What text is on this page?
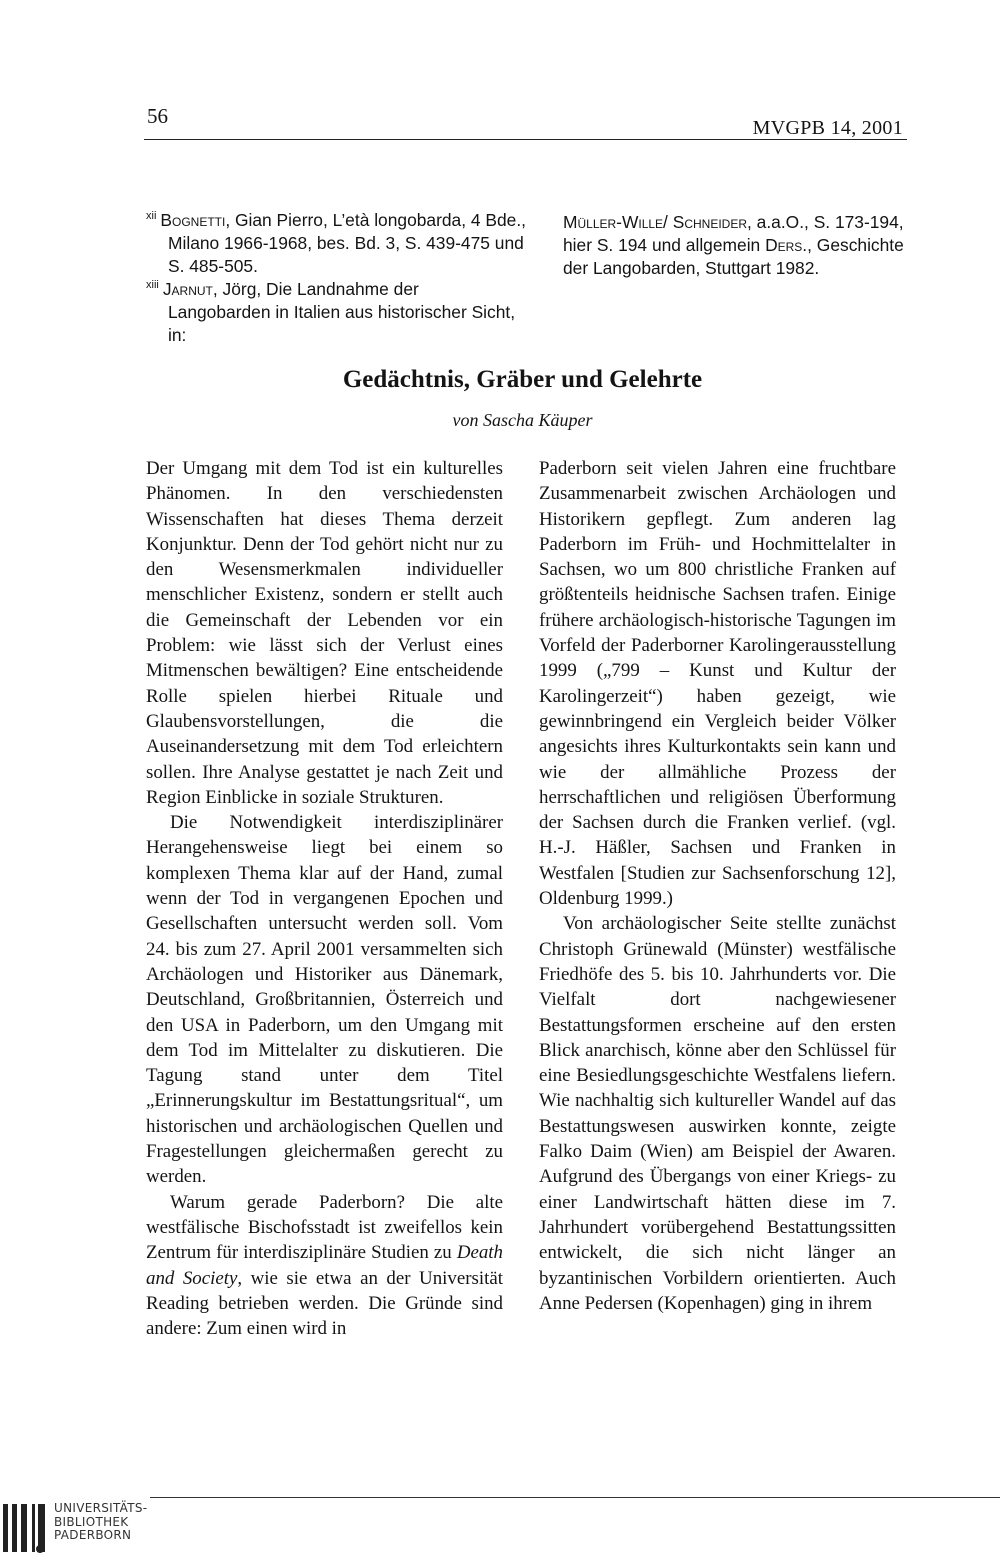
56	MVGPB 14, 2001

$^{xii}$ Bognetti, Gian Pierro, L’età longobarda, 4 Bde., Milano 1966-1968, bes. Bd. 3, S. 439-475 und S. 485-505.

$^{xiii}$ Jarnut, Jörg, Die Landnahme der Langobarden in Italien aus historischer Sicht, in:

Müller-Wille/ Schneider, a.a.O., S. 173-194, hier S. 194 und allgemein Ders., Geschichte der Langobarden, Stuttgart 1982.

Gedächtnis, Gräber und Gelehrte
von Sascha Käuper

Der Umgang mit dem Tod ist ein kulturelles Phänomen. In den verschiedensten Wissenschaften hat dieses Thema derzeit Konjunktur. Denn der Tod gehört nicht nur zu den Wesensmerkmalen individueller menschlicher Existenz, sondern er stellt auch die Gemeinschaft der Lebenden vor ein Problem: wie lässt sich der Verlust eines Mitmenschen bewältigen? Eine entscheidende Rolle spielen hierbei Rituale und Glaubensvorstellungen, die die Auseinandersetzung mit dem Tod erleichtern sollen. Ihre Analyse gestattet je nach Zeit und Region Einblicke in soziale Strukturen.

Die Notwendigkeit interdisziplinärer Herangehensweise liegt bei einem so komplexen Thema klar auf der Hand, zumal wenn der Tod in vergangenen Epochen und Gesellschaften untersucht werden soll. Vom 24. bis zum 27. April 2001 versammelten sich Archäologen und Historiker aus Dänemark, Deutschland, Großbritannien, Österreich und den USA in Paderborn, um den Umgang mit dem Tod im Mittelalter zu diskutieren. Die Tagung stand unter dem Titel „Erinnerungskultur im Bestattungsritual“, um historischen und archäologischen Quellen und Fragestellungen gleichermaßen gerecht zu werden.

Warum gerade Paderborn? Die alte westfälische Bischofsstadt ist zweifellos kein Zentrum für interdisziplinäre Studien zu Death and Society, wie sie etwa an der Universität Reading betrieben werden. Die Gründe sind andere: Zum einen wird in

Paderborn seit vielen Jahren eine fruchtbare Zusammenarbeit zwischen Archäologen und Historikern gepflegt. Zum anderen lag Paderborn im Früh- und Hochmittelalter in Sachsen, wo um 800 christliche Franken auf größtenteils heidnische Sachsen trafen. Einige frühere archäologisch-historische Tagungen im Vorfeld der Paderborner Karolingerausstellung 1999 („799 – Kunst und Kultur der Karolingerzeit“) haben gezeigt, wie gewinnbringend ein Vergleich beider Völker angesichts ihres Kulturkontakts sein kann und wie der allmähliche Prozess der herrschaftlichen und religiösen Überformung der Sachsen durch die Franken verlief. (vgl. H.-J. Häßler, Sachsen und Franken in Westfalen [Studien zur Sachsenforschung 12], Oldenburg 1999.)

Von archäologischer Seite stellte zunächst Christoph Grünewald (Münster) westfälische Friedhöfe des 5. bis 10. Jahrhunderts vor. Die Vielfalt dort nachgewiesener Bestattungsformen erscheine auf den ersten Blick anarchisch, könne aber den Schlüssel für eine Besiedlungsgeschichte Westfalens liefern. Wie nachhaltig sich kultureller Wandel auf das Bestattungswesen auswirken konnte, zeigte Falko Daim (Wien) am Beispiel der Awaren. Aufgrund des Übergangs von einer Kriegs- zu einer Landwirtschaft hätten diese im 7. Jahrhundert vorübergehend Bestattungssitten entwickelt, die sich nicht länger an byzantinischen Vorbildern orientierten. Auch Anne Pedersen (Kopenhagen) ging in ihrem

UNIVERSITÄTS-
BIBLIOTHEK
PADERBORN
